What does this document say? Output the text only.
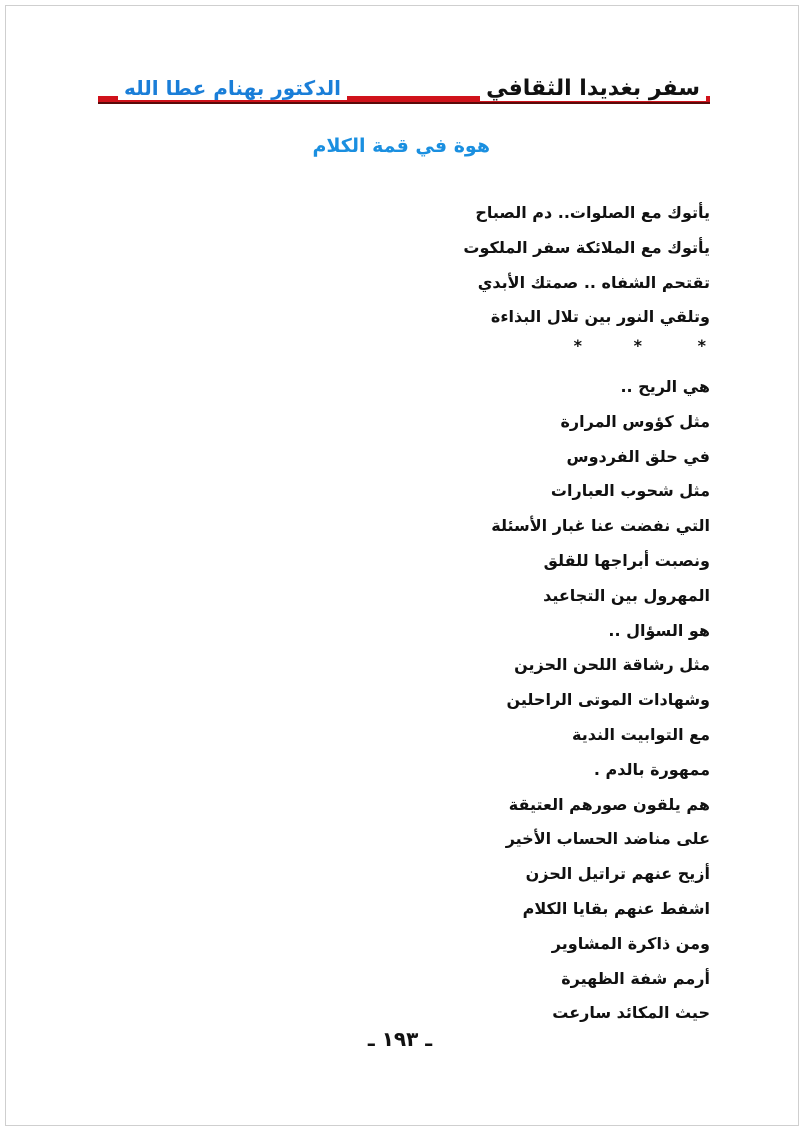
سفر بغديدا الثقافي
الدكتور بهنام عطا الله
هوة في قمة الكلام
يأتوك مع الصلوات.. دم الصباح
يأتوك مع الملائكة سفر الملكوت
تقتحم الشفاه .. صمتك الأبدي
وتلقي النور بين تلال البذاءة
*
*
*
هي الريح ..
مثل كؤوس المرارة
في حلق الفردوس
مثل شحوب العبارات
التي نفضت عنا غبار الأسئلة
ونصبت أبراجها للقلق
المهرول بين التجاعيد
هو السؤال ..
مثل رشاقة اللحن الحزين
وشهادات الموتى الراحلين
مع التوابيت الندية
ممهورة بالدم .
هم يلقون صورهم العتيقة
على مناضد الحساب الأخير
أزيح عنهم تراتيل الحزن
اشفط عنهم بقايا الكلام
ومن ذاكرة المشاوير
أرمم شفة الظهيرة
حيث المكائد سارعت
ـ ١٩٣ ـ
